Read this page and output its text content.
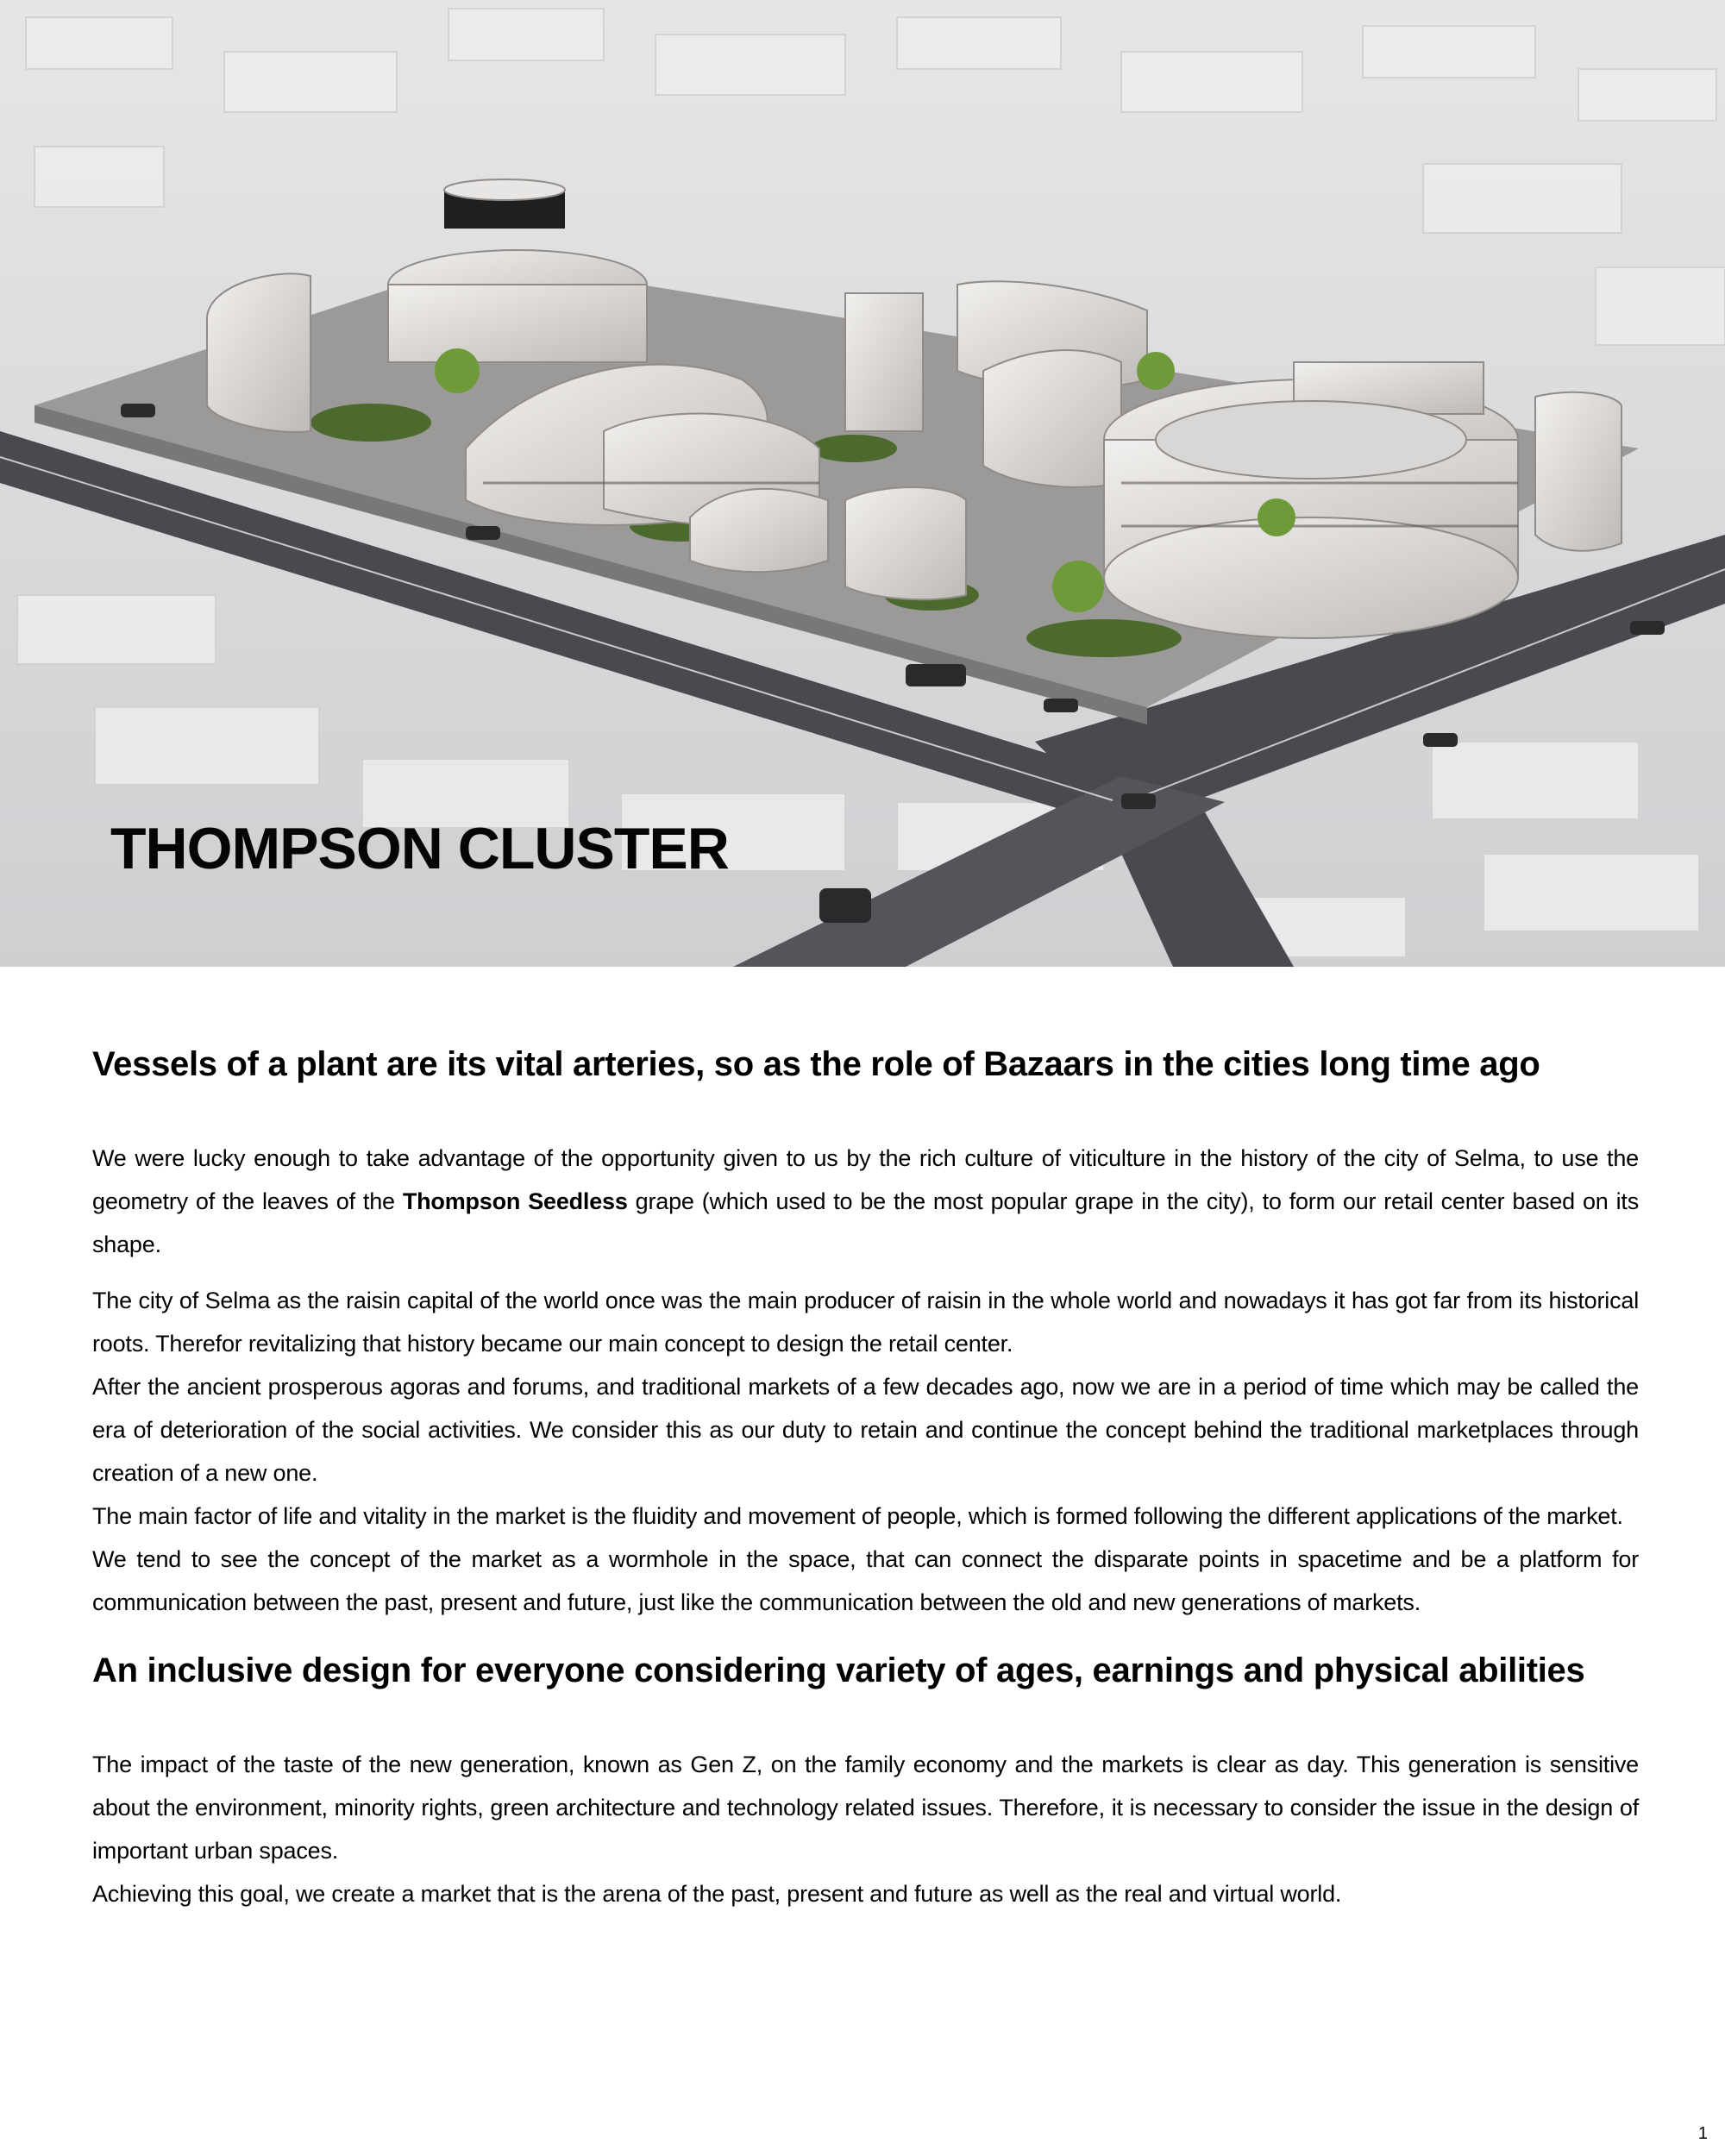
THOMPSON CLUSTER
Vessels of a plant are its vital arteries, so as the role of Bazaars in the cities long time ago

We were lucky enough to take advantage of the opportunity given to us by the rich culture of viticulture in the history of the city of Selma, to use the geometry of the leaves of the Thompson Seedless grape (which used to be the most popular grape in the city), to form our retail center based on its shape.

The city of Selma as the raisin capital of the world once was the main producer of raisin in the whole world and nowadays it has got far from its historical roots. Therefor revitalizing that history became our main concept to design the retail center.

After the ancient prosperous agoras and forums, and traditional markets of a few decades ago, now we are in a period of time which may be called the era of deterioration of the social activities. We consider this as our duty to retain and continue the concept behind the traditional marketplaces through creation of a new one.

The main factor of life and vitality in the market is the fluidity and movement of people, which is formed following the different applications of the market.

We tend to see the concept of the market as a wormhole in the space, that can connect the disparate points in spacetime and be a platform for communication between the past, present and future, just like the communication between the old and new generations of markets.

An inclusive design for everyone considering variety of ages, earnings and physical abilities

The impact of the taste of the new generation, known as Gen Z, on the family economy and the markets is clear as day. This generation is sensitive about the environment, minority rights, green architecture and technology related issues. Therefore, it is necessary to consider the issue in the design of important urban spaces.

Achieving this goal, we create a market that is the arena of the past, present and future as well as the real and virtual world.

1
